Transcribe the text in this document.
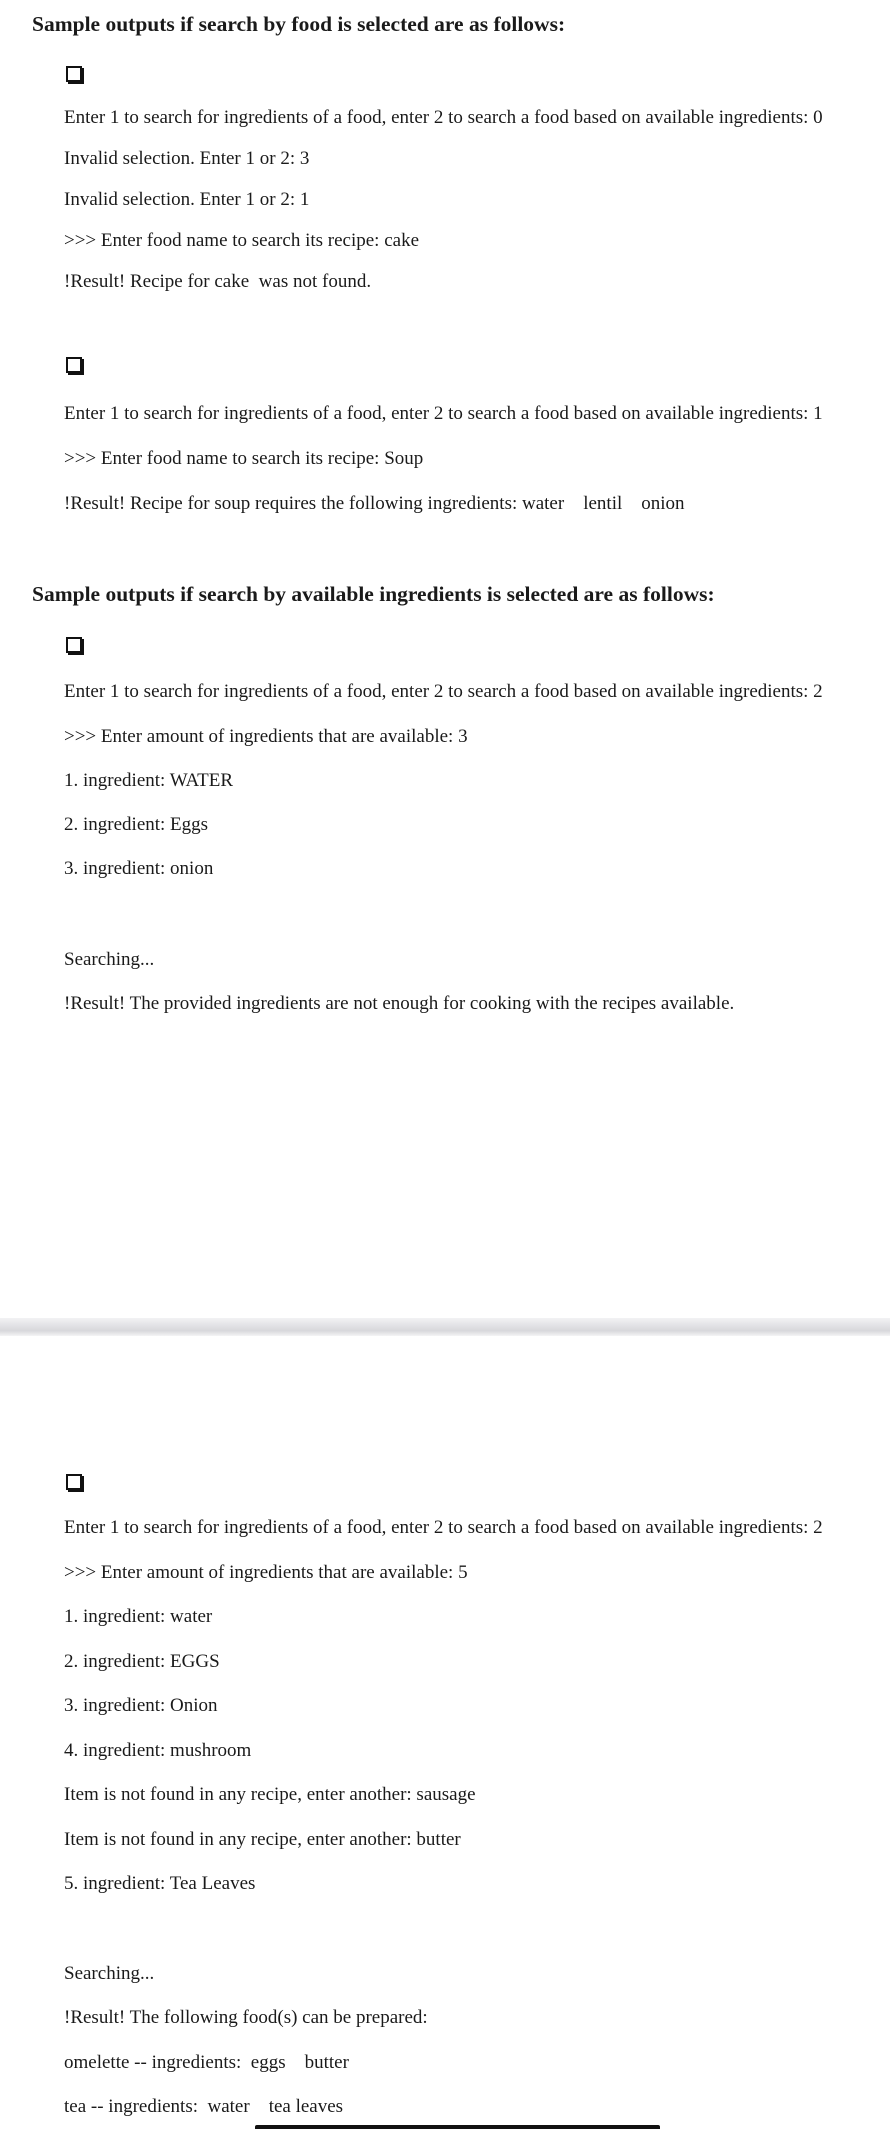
Sample outputs if search by food is selected are as follows:
Enter 1 to search for ingredients of a food, enter 2 to search a food based on available ingredients: 0
Invalid selection. Enter 1 or 2: 3
Invalid selection. Enter 1 or 2: 1
>>> Enter food name to search its recipe: cake
!Result! Recipe for cake  was not found.
Enter 1 to search for ingredients of a food, enter 2 to search a food based on available ingredients: 1
>>> Enter food name to search its recipe: Soup
!Result! Recipe for soup requires the following ingredients: water    lentil    onion
Sample outputs if search by available ingredients is selected are as follows:
Enter 1 to search for ingredients of a food, enter 2 to search a food based on available ingredients: 2
>>> Enter amount of ingredients that are available: 3
1. ingredient: WATER
2. ingredient: Eggs
3. ingredient: onion
Searching...
!Result! The provided ingredients are not enough for cooking with the recipes available.
Enter 1 to search for ingredients of a food, enter 2 to search a food based on available ingredients: 2
>>> Enter amount of ingredients that are available: 5
1. ingredient: water
2. ingredient: EGGS
3. ingredient: Onion
4. ingredient: mushroom
Item is not found in any recipe, enter another: sausage
Item is not found in any recipe, enter another: butter
5. ingredient: Tea Leaves
Searching...
!Result! The following food(s) can be prepared:
omelette -- ingredients:  eggs    butter
tea -- ingredients:  water    tea leaves
